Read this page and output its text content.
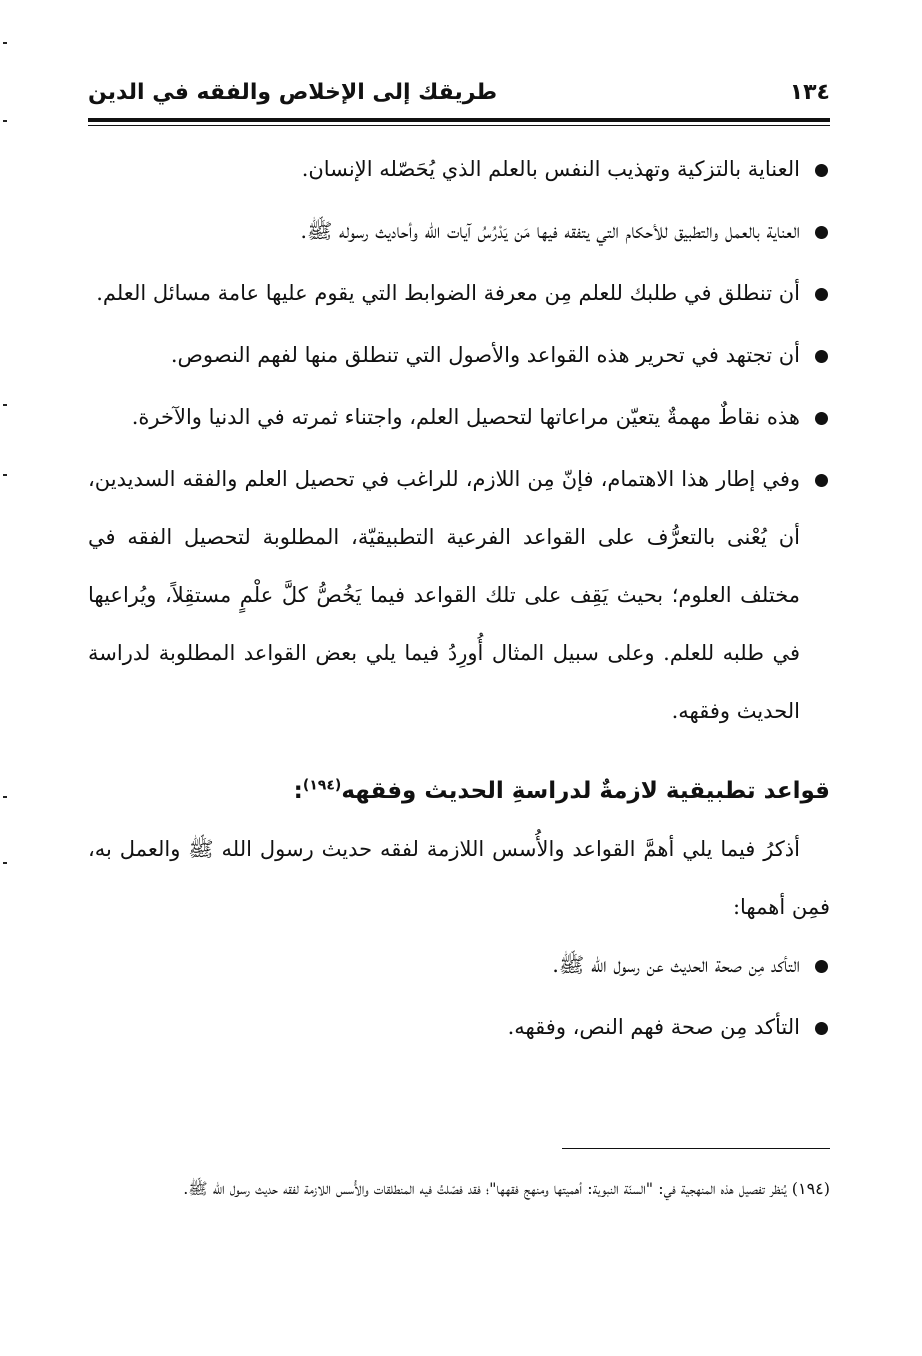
طريقك إلى الإخلاص والفقه في الدين	١٣٤

العناية بالتزكية وتهذيب النفس بالعلم الذي يُحَصّله الإنسان.

العناية بالعمل والتطبيق للأحكام التي يتفقه فيها مَن يَدْرُسُ آيات الله وأحاديث رسوله ﷺ.

أن تنطلق في طلبك للعلم مِن معرفة الضوابط التي يقوم عليها عامة مسائل العلم.

أن تجتهد في تحرير هذه القواعد والأصول التي تنطلق منها لفهم النصوص.

هذه نقاطٌ مهمةٌ يتعيّن مراعاتها لتحصيل العلم، واجتناء ثمرته في الدنيا والآخرة.

وفي إطار هذا الاهتمام، فإنّ مِن اللازم، للراغب في تحصيل العلم والفقه السديدين، أن يُعْنى بالتعرُّف على القواعد الفرعية التطبيقيّة، المطلوبة لتحصيل الفقه في مختلف العلوم؛ بحيث يَقِف على تلك القواعد فيما يَخُصُّ كلَّ علْمٍ مستقِلاً، ويُراعيها في طلبه للعلم. وعلى سبيل المثال أُورِدُ فيما يلي بعض القواعد المطلوبة لدراسة الحديث وفقهه.

قواعد تطبيقية لازمةٌ لدراسةِ الحديث وفقهه$^{(١٩٤)}$:

أذكرُ فيما يلي أهمَّ القواعد والأُسس اللازمة لفقه حديث رسول الله ﷺ والعمل به، فمِن أهمها:

التأكد مِن صحة الحديث عن رسول الله ﷺ.

التأكد مِن صحة فهم النص، وفقهه.

(١٩٤) يُنظر تفصيل هذه المنهجية في: "السنّة النبوية: أهميتها ومنهج فقهها"؛ فقد فصّلتُ فيه المنطلقات والأُسس اللازمة لفقه حديث رسول الله ﷺ.
